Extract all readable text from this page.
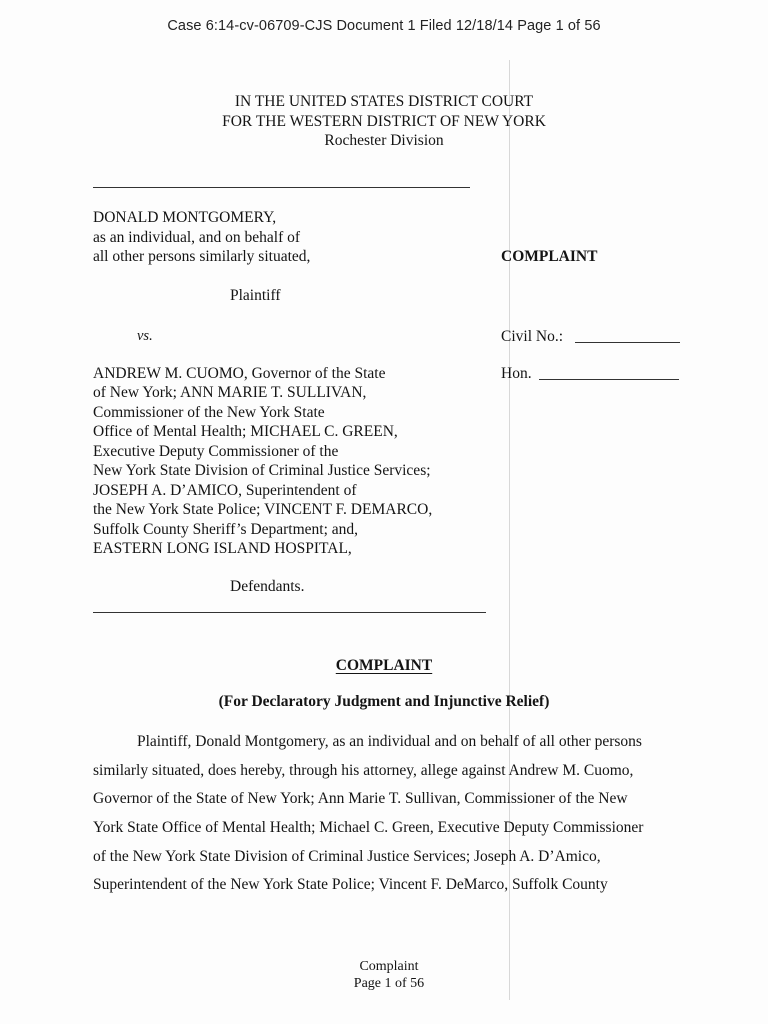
Case 6:14-cv-06709-CJS Document 1 Filed 12/18/14 Page 1 of 56
IN THE UNITED STATES DISTRICT COURT
FOR THE WESTERN DISTRICT OF NEW YORK
Rochester Division
DONALD MONTGOMERY,
as an individual, and on behalf of
all other persons similarly situated,	COMPLAINT
Plaintiff
vs.	Civil No.:
Hon.
ANDREW M. CUOMO, Governor of the State
of New York; ANN MARIE T. SULLIVAN,
Commissioner of the New York State
Office of Mental Health; MICHAEL C. GREEN,
Executive Deputy Commissioner of the
New York State Division of Criminal Justice Services;
JOSEPH A. D’AMICO, Superintendent of
the New York State Police; VINCENT F. DEMARCO,
Suffolk County Sheriff’s Department; and,
EASTERN LONG ISLAND HOSPITAL,
Defendants.
COMPLAINT
(For Declaratory Judgment and Injunctive Relief)
Plaintiff, Donald Montgomery, as an individual and on behalf of all other persons
similarly situated, does hereby, through his attorney, allege against Andrew M. Cuomo,
Governor of the State of New York; Ann Marie T. Sullivan, Commissioner of the New
York State Office of Mental Health; Michael C. Green, Executive Deputy Commissioner
of the New York State Division of Criminal Justice Services; Joseph A. D’Amico,
Superintendent of the New York State Police; Vincent F. DeMarco, Suffolk County
Complaint
Page 1 of 56
